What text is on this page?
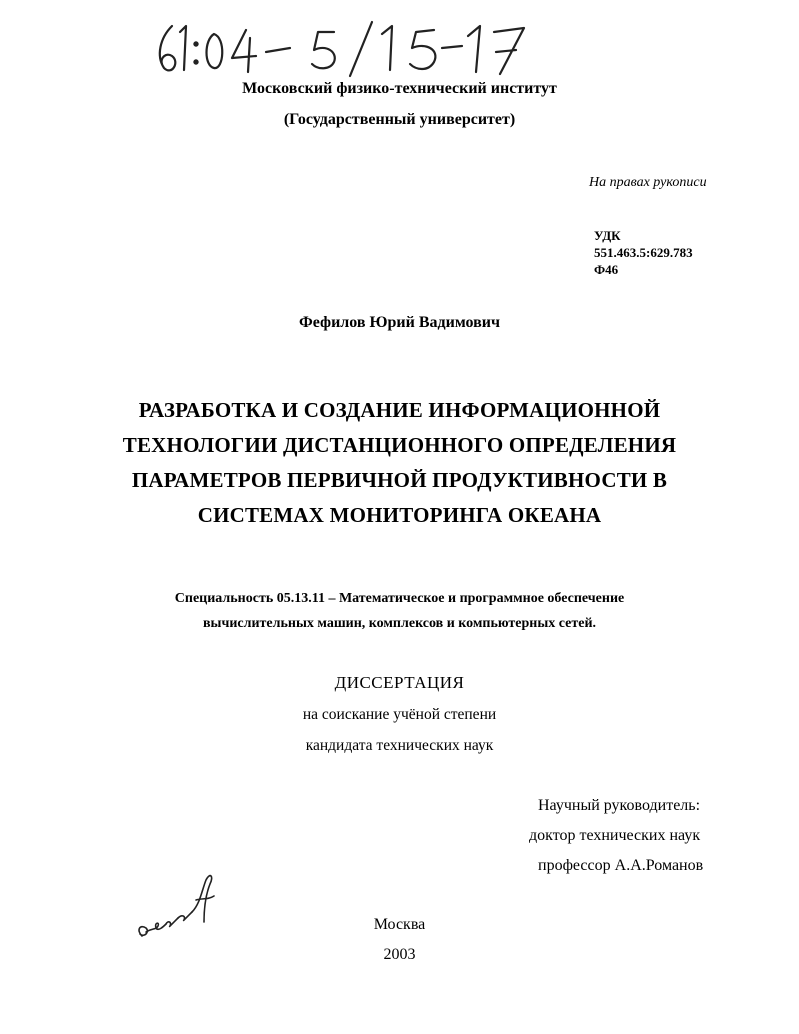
Московский физико-технический институт
(Государственный университет)
На правах рукописи
УДК
551.463.5:629.783
Ф46
Фефилов Юрий Вадимович
РАЗРАБОТКА И СОЗДАНИЕ ИНФОРМАЦИОННОЙ
ТЕХНОЛОГИИ ДИСТАНЦИОННОГО ОПРЕДЕЛЕНИЯ
ПАРАМЕТРОВ ПЕРВИЧНОЙ ПРОДУКТИВНОСТИ В
СИСТЕМАХ МОНИТОРИНГА ОКЕАНА
Специальность 05.13.11 – Математическое и программное обеспечение
вычислительных машин, комплексов и компьютерных сетей.
ДИССЕРТАЦИЯ
на соискание учёной степени
кандидата технических наук
Научный руководитель:
доктор технических наук
профессор А.А.Романов
Москва
2003
